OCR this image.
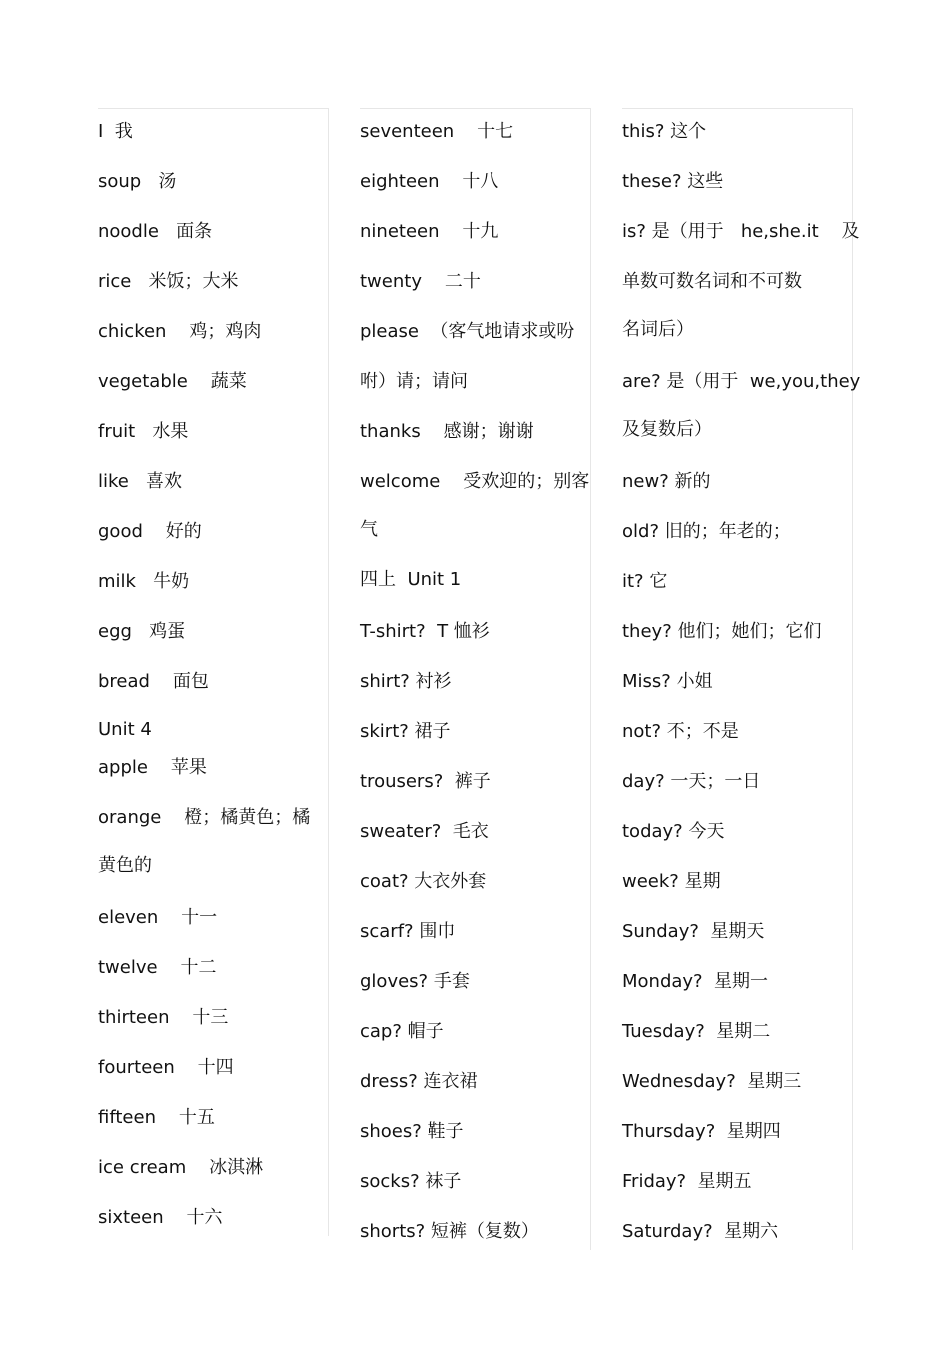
I  我
soup   汤
noodle   面条
rice   米饭；大米
chicken    鸡；鸡肉
vegetable    蔬菜
fruit   水果
like   喜欢
good    好的
milk   牛奶
egg   鸡蛋
bread    面包
Unit 4
apple    苹果
orange    橙；橘黄色；橘
黄色的
eleven    十一
twelve    十二
thirteen    十三
fourteen    十四
fifteen    十五
ice cream    冰淇淋
sixteen    十六
seventeen    十七
eighteen    十八
nineteen    十九
twenty    二十
please  （客气地请求或吩
咐）请；请问
thanks    感谢；谢谢
welcome    受欢迎的；别客
气
四上  Unit 1
T-shirt?  T 恤衫
shirt? 衬衫
skirt? 裙子
trousers?  裤子
sweater?  毛衣
coat? 大衣外套
scarf? 围巾
gloves? 手套
cap? 帽子
dress? 连衣裙
shoes? 鞋子
socks? 袜子
shorts? 短裤（复数）
this? 这个
these? 这些
is? 是（用于   he,she.it    及
单数可数名词和不可数
名词后）
are? 是（用于  we,you,they
及复数后）
new? 新的
old? 旧的；年老的；
it? 它
they? 他们；她们；它们
Miss? 小姐
not? 不；不是
day? 一天；一日
today? 今天
week? 星期
Sunday?  星期天
Monday?  星期一
Tuesday?  星期二
Wednesday?  星期三
Thursday?  星期四
Friday?  星期五
Saturday?  星期六
